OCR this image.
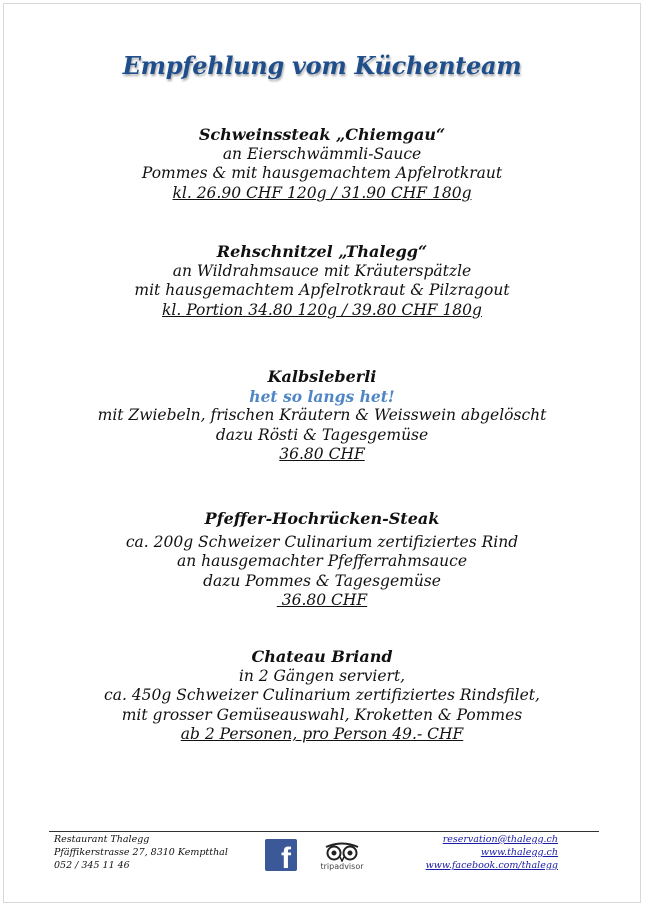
Empfehlung vom Küchenteam
Schweinssteak „Chiemgau“
an Eierschwämmli-Sauce
Pommes & mit hausgemachtem Apfelrotkraut
kl. 26.90 CHF 120g / 31.90 CHF 180g
Rehschnitzel „Thalegg“
an Wildrahmsauce mit Kräuterspätzle
mit hausgemachtem Apfelrotkraut & Pilzragout
kl. Portion 34.80 120g / 39.80 CHF 180g
Kalbsleberli
het so langs het!
mit Zwiebeln, frischen Kräutern & Weisswein abgelöscht
dazu Rösti & Tagesgemüse
36.80 CHF
Pfeffer-Hochrücken-Steak
ca. 200g Schweizer Culinarium zertifiziertes Rind
an hausgemachter Pfefferrahmsauce
dazu Pommes & Tagesgemüse
36.80 CHF
Chateau Briand
in 2 Gängen serviert,
ca. 450g Schweizer Culinarium zertifiziertes Rindsfilet,
mit grosser Gemüseauswahl, Kroketten & Pommes
ab 2 Personen, pro Person 49.- CHF
Restaurant Thalegg
Pfäffikerstrasse 27, 8310 Kemptthal
052 / 345 11 46	f	tripadvisor
reservation@thalegg.ch
www.thalegg.ch
www.facebook.com/thalegg
